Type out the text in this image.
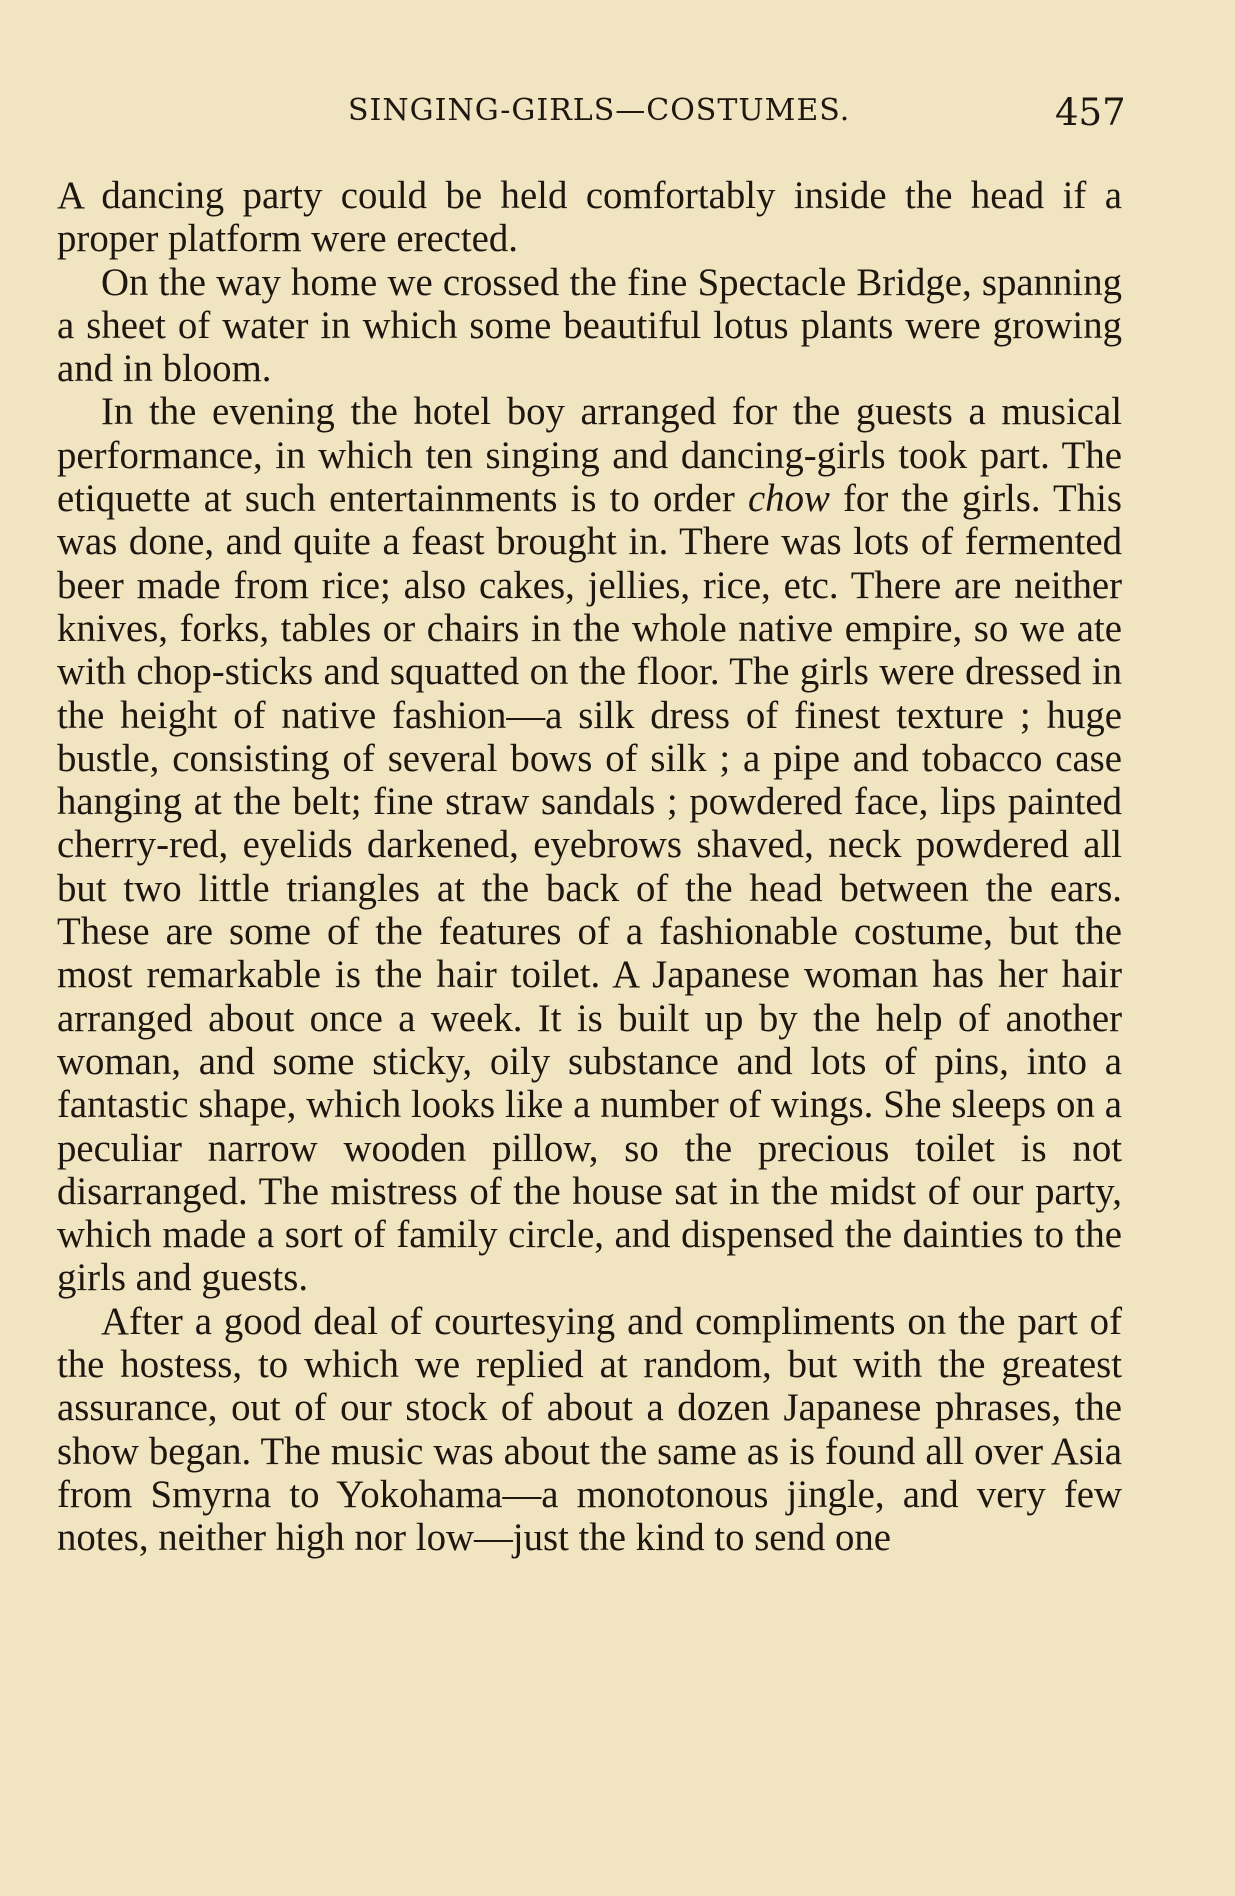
SINGING-GIRLS—COSTUMES.	457

A dancing party could be held comfortably inside the head if a proper platform were erected.

On the way home we crossed the fine Spectacle Bridge, spanning a sheet of water in which some beautiful lotus plants were growing and in bloom.

In the evening the hotel boy arranged for the guests a musical performance, in which ten singing and dancing-girls took part. The etiquette at such entertainments is to order chow for the girls. This was done, and quite a feast brought in. There was lots of fermented beer made from rice; also cakes, jellies, rice, etc. There are neither knives, forks, tables or chairs in the whole native empire, so we ate with chop-sticks and squatted on the floor. The girls were dressed in the height of native fashion—a silk dress of finest texture ; huge bustle, consisting of several bows of silk ; a pipe and tobacco case hanging at the belt; fine straw sandals ; powdered face, lips painted cherry-red, eyelids darkened, eyebrows shaved, neck powdered all but two little triangles at the back of the head between the ears. These are some of the features of a fashionable costume, but the most remarkable is the hair toilet. A Japanese woman has her hair arranged about once a week. It is built up by the help of another woman, and some sticky, oily substance and lots of pins, into a fantastic shape, which looks like a number of wings. She sleeps on a peculiar narrow wooden pillow, so the precious toilet is not disarranged. The mistress of the house sat in the midst of our party, which made a sort of family circle, and dispensed the dainties to the girls and guests.

After a good deal of courtesying and compliments on the part of the hostess, to which we replied at random, but with the greatest assurance, out of our stock of about a dozen Japanese phrases, the show began. The music was about the same as is found all over Asia from Smyrna to Yokohama—a monotonous jingle, and very few notes, neither high nor low—just the kind to send one
